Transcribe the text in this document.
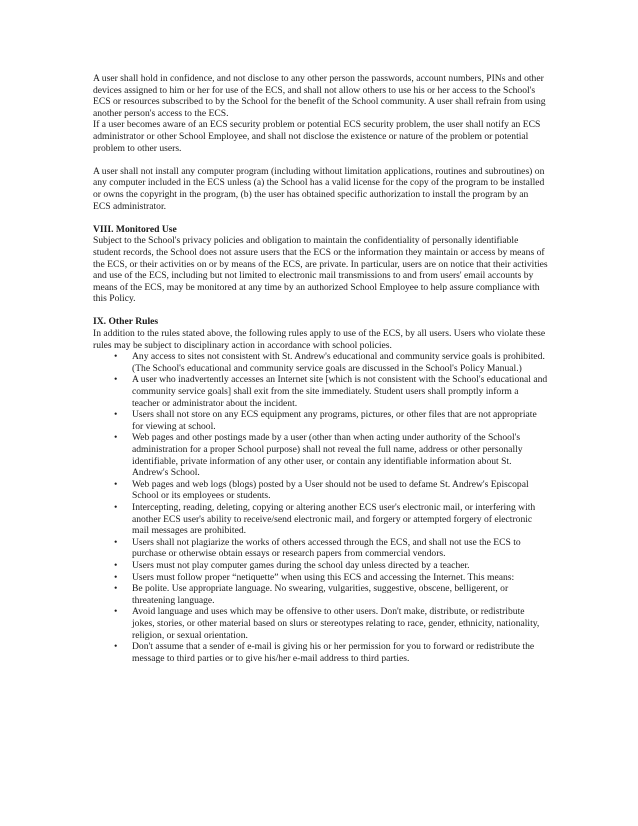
A user shall hold in confidence, and not disclose to any other person the passwords, account numbers, PINs and other devices assigned to him or her for use of the ECS, and shall not allow others to use his or her access to the School's ECS or resources subscribed to by the School for the benefit of the School community. A user shall refrain from using another person's access to the ECS.

If a user becomes aware of an ECS security problem or potential ECS security problem, the user shall notify an ECS administrator or other School Employee, and shall not disclose the existence or nature of the problem or potential problem to other users.

A user shall not install any computer program (including without limitation applications, routines and subroutines) on any computer included in the ECS unless (a) the School has a valid license for the copy of the program to be installed or owns the copyright in the program, (b) the user has obtained specific authorization to install the program by an ECS administrator.

VIII. Monitored Use

Subject to the School's privacy policies and obligation to maintain the confidentiality of personally identifiable student records, the School does not assure users that the ECS or the information they maintain or access by means of the ECS, or their activities on or by means of the ECS, are private. In particular, users are on notice that their activities and use of the ECS, including but not limited to electronic mail transmissions to and from users' email accounts by means of the ECS, may be monitored at any time by an authorized School Employee to help assure compliance with this Policy.

IX. Other Rules

In addition to the rules stated above, the following rules apply to use of the ECS, by all users. Users who violate these rules may be subject to disciplinary action in accordance with school policies.

• Any access to sites not consistent with St. Andrew's educational and community service goals is prohibited. (The School's educational and community service goals are discussed in the School's Policy Manual.)
• A user who inadvertently accesses an Internet site [which is not consistent with the School's educational and community service goals] shall exit from the site immediately. Student users shall promptly inform a teacher or administrator about the incident.
• Users shall not store on any ECS equipment any programs, pictures, or other files that are not appropriate for viewing at school.
• Web pages and other postings made by a user (other than when acting under authority of the School's administration for a proper School purpose) shall not reveal the full name, address or other personally identifiable, private information of any other user, or contain any identifiable information about St. Andrew's School.
• Web pages and web logs (blogs) posted by a User should not be used to defame St. Andrew's Episcopal School or its employees or students.
• Intercepting, reading, deleting, copying or altering another ECS user's electronic mail, or interfering with another ECS user's ability to receive/send electronic mail, and forgery or attempted forgery of electronic mail messages are prohibited.
• Users shall not plagiarize the works of others accessed through the ECS, and shall not use the ECS to purchase or otherwise obtain essays or research papers from commercial vendors.
• Users must not play computer games during the school day unless directed by a teacher.
• Users must follow proper “netiquette” when using this ECS and accessing the Internet. This means:
• Be polite. Use appropriate language. No swearing, vulgarities, suggestive, obscene, belligerent, or threatening language.
• Avoid language and uses which may be offensive to other users. Don't make, distribute, or redistribute jokes, stories, or other material based on slurs or stereotypes relating to race, gender, ethnicity, nationality, religion, or sexual orientation.
• Don't assume that a sender of e-mail is giving his or her permission for you to forward or redistribute the message to third parties or to give his/her e-mail address to third parties.
